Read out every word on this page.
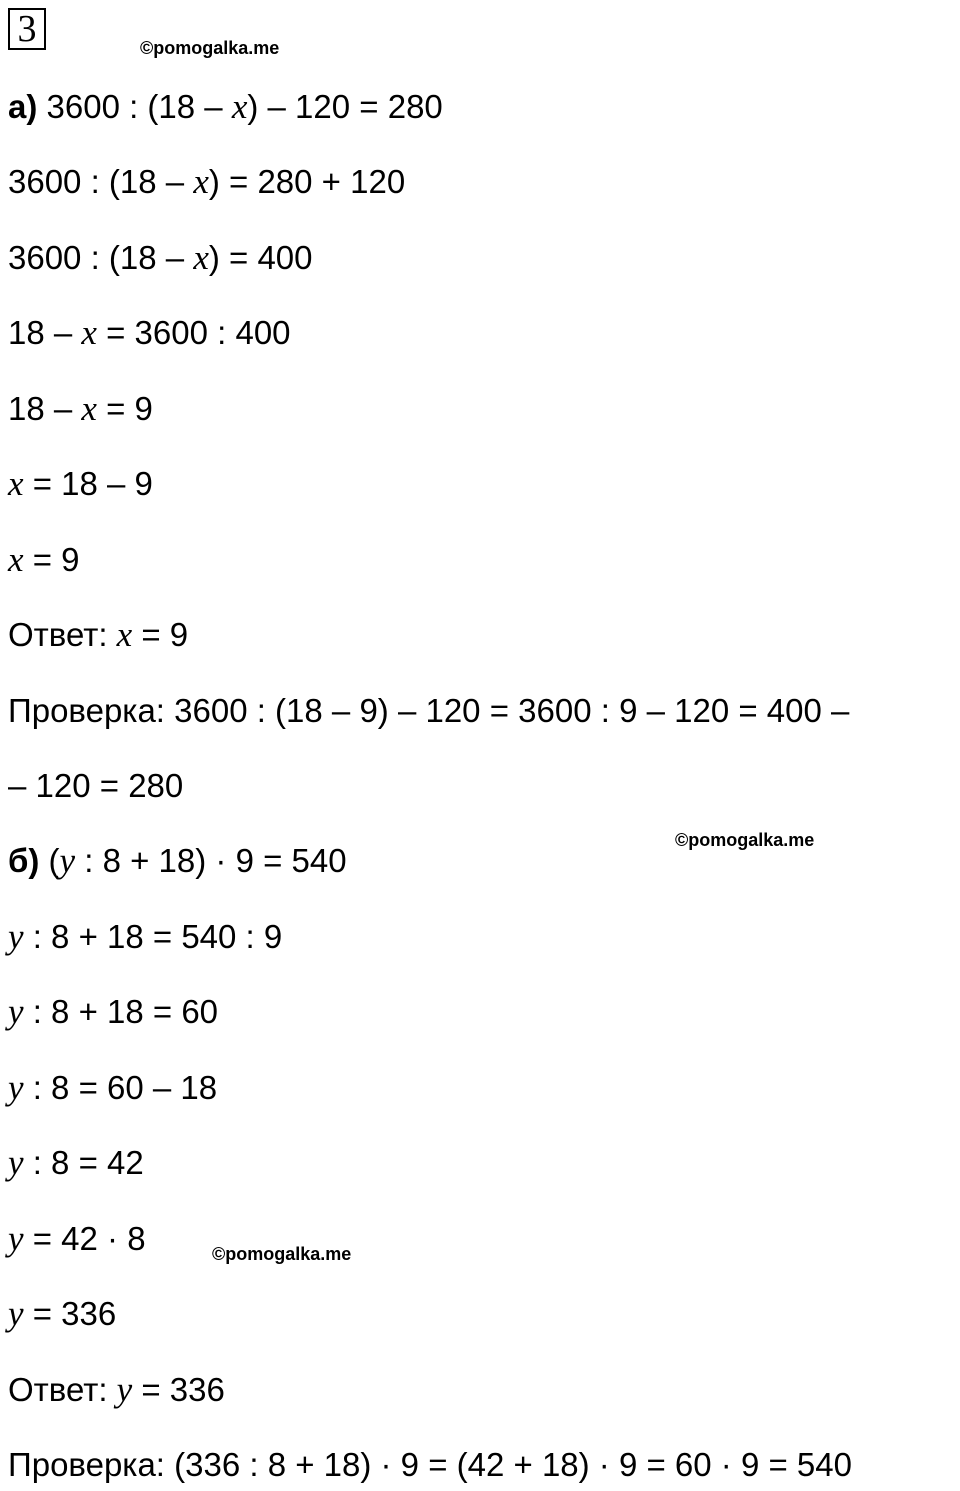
3	©pomogalka.me
©pomogalka.me
©pomogalka.me
а) 3600 : (18 – x) – 120 = 280
3600 : (18 – x) = 280 + 120
3600 : (18 – x) = 400
18 – x = 3600 : 400
18 – x = 9
x = 18 – 9
x = 9
Ответ: x = 9
Проверка: 3600 : (18 – 9) – 120 = 3600 : 9 – 120 = 400 –
– 120 = 280
б) (y : 8 + 18) · 9 = 540
y : 8 + 18 = 540 : 9
y : 8 + 18 = 60
y : 8 = 60 – 18
y : 8 = 42
y = 42 · 8
y = 336
Ответ: y = 336
Проверка: (336 : 8 + 18) · 9 = (42 + 18) · 9 = 60 · 9 = 540
